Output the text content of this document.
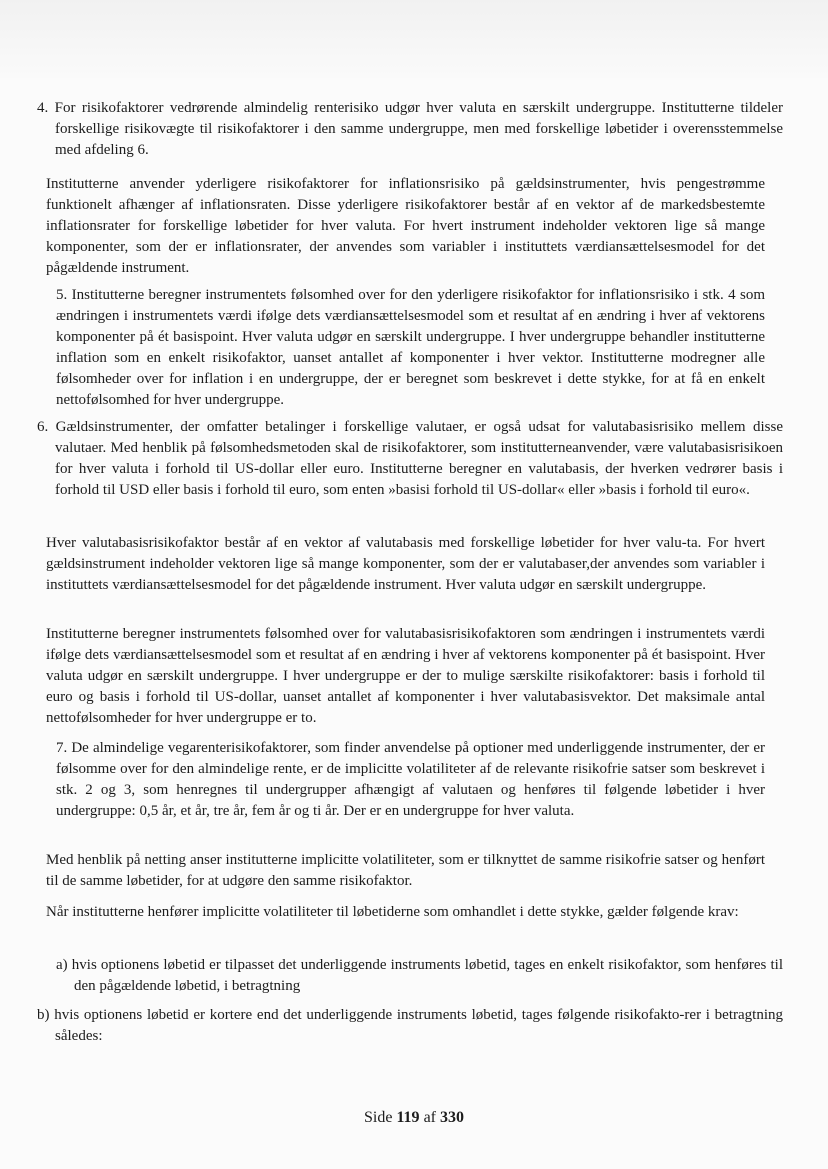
4. For risikofaktorer vedrørende almindelig renterisiko udgør hver valuta en særskilt undergruppe. Institutterne tildeler forskellige risikovægte til risikofaktorer i den samme undergruppe, men med forskellige løbetider i overensstemmelse med afdeling 6.

Institutterne anvender yderligere risikofaktorer for inflationsrisiko på gældsinstrumenter, hvis pengestrømme funktionelt afhænger af inflationsraten. Disse yderligere risikofaktorer består af en vektor af de markedsbestemte inflationsrater for forskellige løbetider for hver valuta. For hvert instrument indeholder vektoren lige så mange komponenter, som der er inflationsrater, der anvendes som variabler i instituttets værdiansættelsesmodel for det pågældende instrument.

5. Institutterne beregner instrumentets følsomhed over for den yderligere risikofaktor for inflationsrisiko i stk. 4 som ændringen i instrumentets værdi ifølge dets værdiansættelsesmodel som et resultat af en ændring i hver af vektorens komponenter på ét basispoint. Hver valuta udgør en særskilt undergruppe. I hver undergruppe behandler institutterne inflation som en enkelt risikofaktor, uanset antallet af komponenter i hver vektor. Institutterne modregner alle følsomheder over for inflation i en undergruppe, der er beregnet som beskrevet i dette stykke, for at få en enkelt nettofølsomhed for hver undergruppe.

6. Gældsinstrumenter, der omfatter betalinger i forskellige valutaer, er også udsat for valutabasisrisiko mellem disse valutaer. Med henblik på følsomhedsmetoden skal de risikofaktorer, som institutterneanvender, være valutabasisrisikoen for hver valuta i forhold til US-dollar eller euro. Institutterne beregner en valutabasis, der hverken vedrører basis i forhold til USD eller basis i forhold til euro, som enten »basisi forhold til US-dollar« eller »basis i forhold til euro«.

Hver valutabasisrisikofaktor består af en vektor af valutabasis med forskellige løbetider for hver valu-ta. For hvert gældsinstrument indeholder vektoren lige så mange komponenter, som der er valutabaser,der anvendes som variabler i instituttets værdiansættelsesmodel for det pågældende instrument. Hver valuta udgør en særskilt undergruppe.

Institutterne beregner instrumentets følsomhed over for valutabasisrisikofaktoren som ændringen i instrumentets værdi ifølge dets værdiansættelsesmodel som et resultat af en ændring i hver af vektorens komponenter på ét basispoint. Hver valuta udgør en særskilt undergruppe. I hver undergruppe er der to mulige særskilte risikofaktorer: basis i forhold til euro og basis i forhold til US-dollar, uanset antallet af komponenter i hver valutabasisvektor. Det maksimale antal nettofølsomheder for hver undergruppe er to.

7. De almindelige vegarenterisikofaktorer, som finder anvendelse på optioner med underliggende instrumenter, der er følsomme over for den almindelige rente, er de implicitte volatiliteter af de relevante risikofrie satser som beskrevet i stk. 2 og 3, som henregnes til undergrupper afhængigt af valutaen og henføres til følgende løbetider i hver undergruppe: 0,5 år, et år, tre år, fem år og ti år. Der er en undergruppe for hver valuta.

Med henblik på netting anser institutterne implicitte volatiliteter, som er tilknyttet de samme risikofrie satser og henført til de samme løbetider, for at udgøre den samme risikofaktor.

Når institutterne henfører implicitte volatiliteter til løbetiderne som omhandlet i dette stykke, gælder følgende krav:

a) hvis optionens løbetid er tilpasset det underliggende instruments løbetid, tages en enkelt risikofaktor, som henføres til den pågældende løbetid, i betragtning

b) hvis optionens løbetid er kortere end det underliggende instruments løbetid, tages følgende risikofakto-rer i betragtning således:

Side 119 af 330
